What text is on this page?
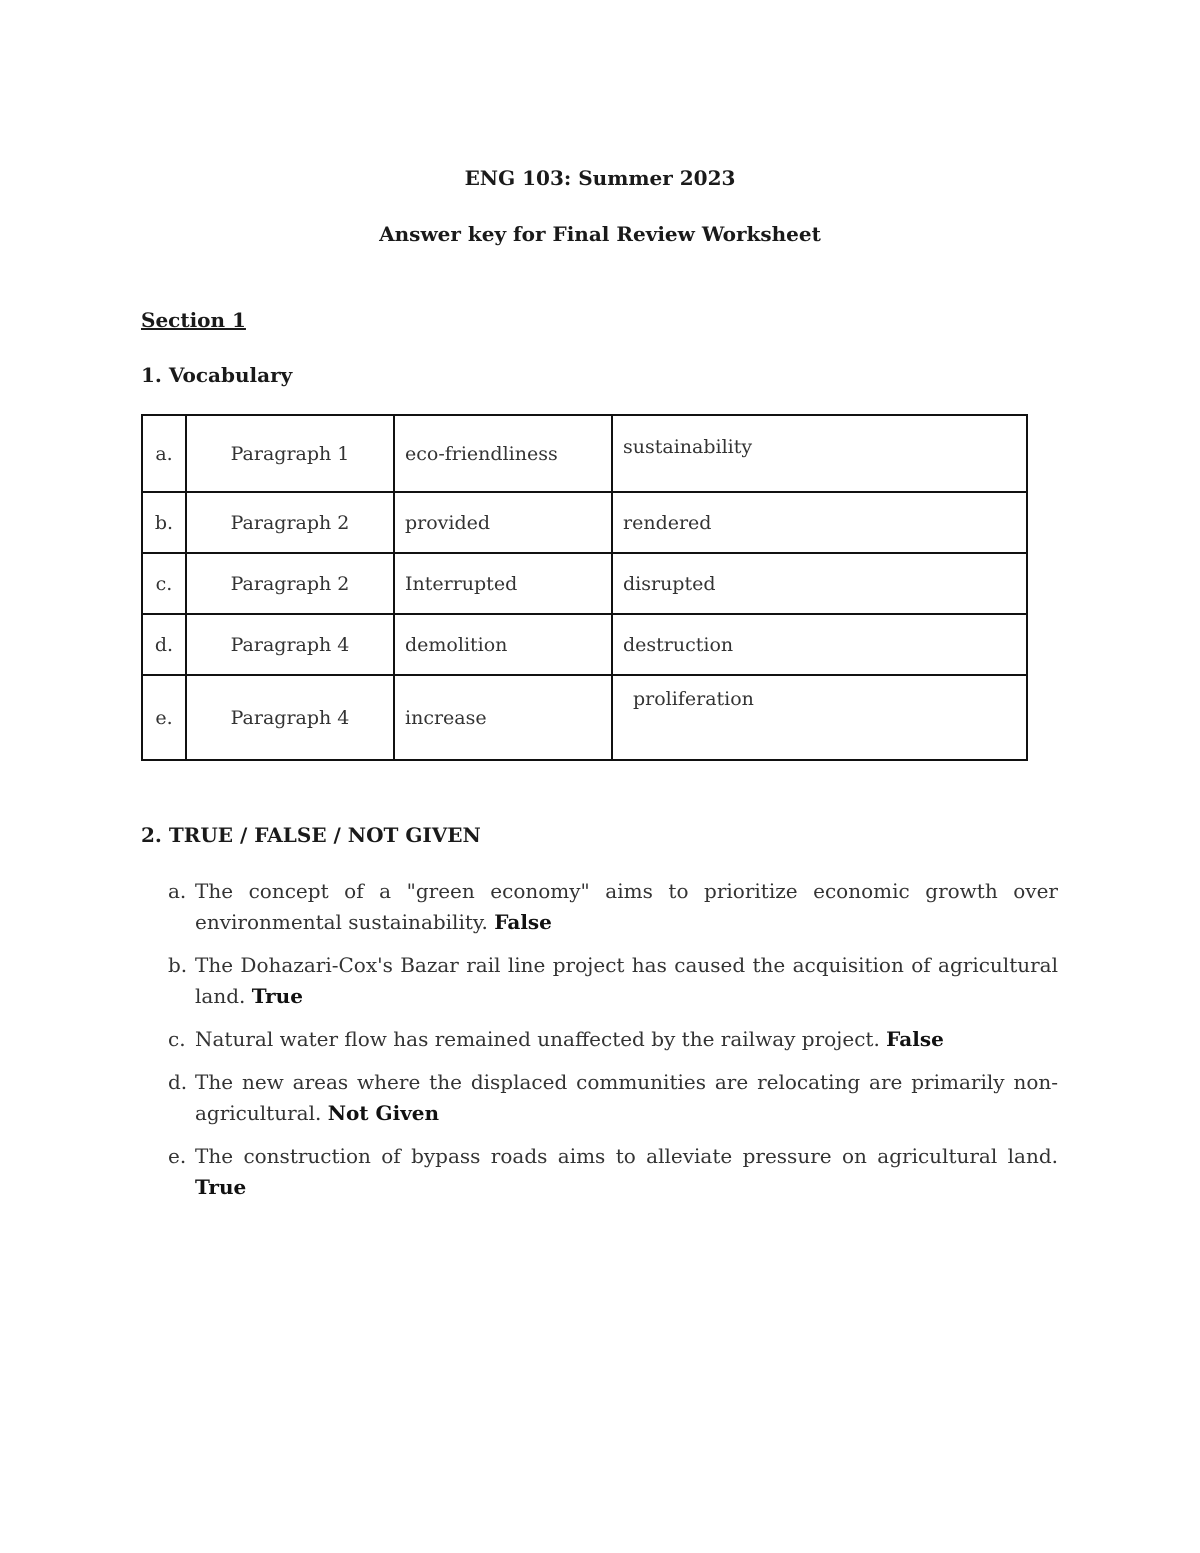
ENG 103: Summer 2023
Answer key for Final Review Worksheet
Section 1
1. Vocabulary
a.	Paragraph 1	eco-friendliness	sustainability
b.	Paragraph 2	provided	rendered
c.	Paragraph 2	Interrupted	disrupted
d.	Paragraph 4	demolition	destruction
e.	Paragraph 4	increase	proliferation
2. TRUE / FALSE / NOT GIVEN
a. The concept of a "green economy" aims to prioritize economic growth over environmental sustainability. False
b. The Dohazari-Cox's Bazar rail line project has caused the acquisition of agricultural land. True
c. Natural water flow has remained unaffected by the railway project. False
d. The new areas where the displaced communities are relocating are primarily non-agricultural. Not Given
e. The construction of bypass roads aims to alleviate pressure on agricultural land. True
